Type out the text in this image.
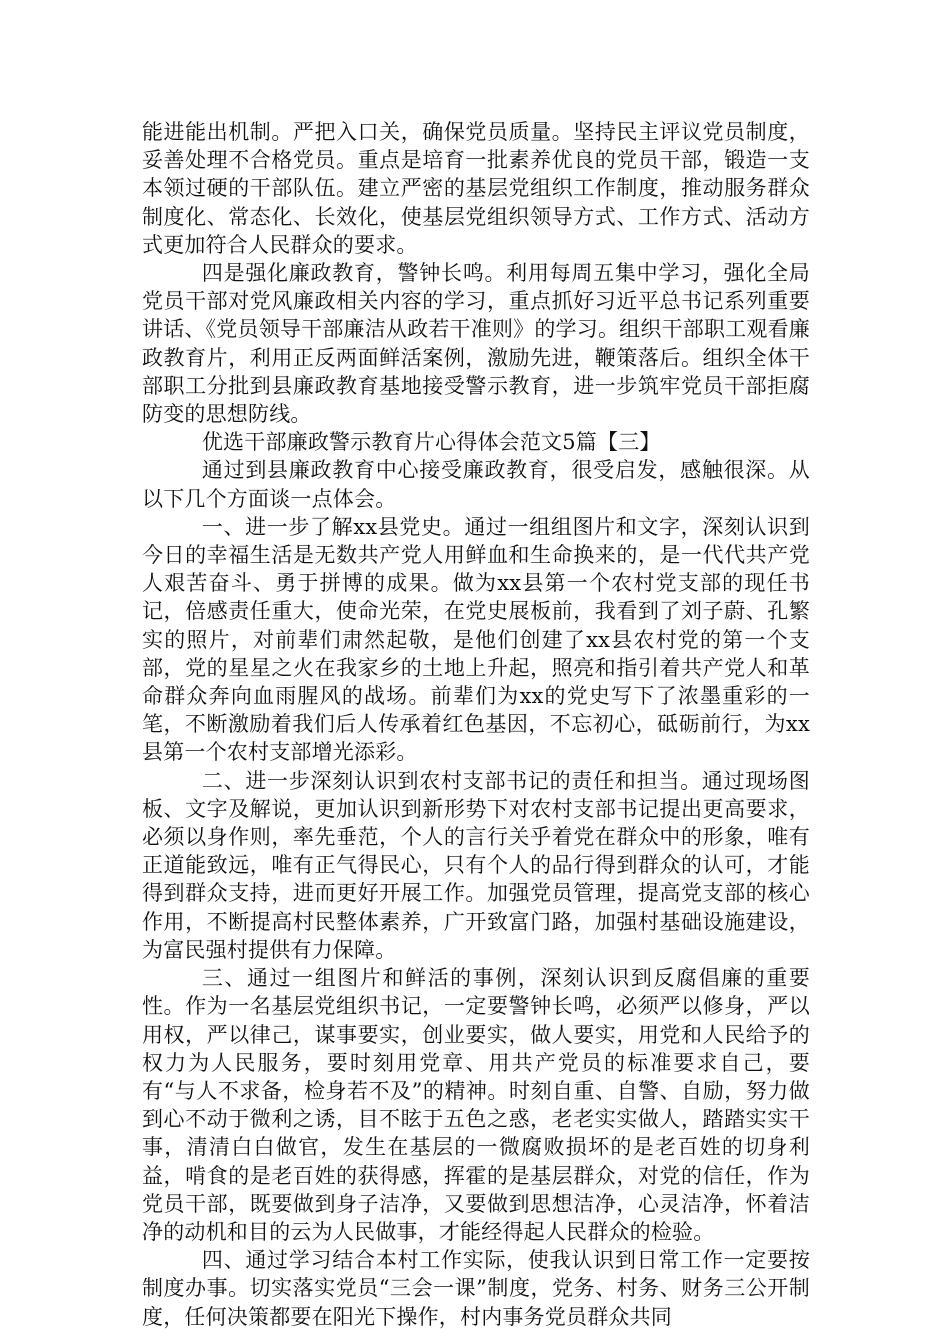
能进能出机制。严把入口关，确保党员质量。坚持民主评议党员制度，妥善处理不合格党员。重点是培育一批素养优良的党员干部，锻造一支本领过硬的干部队伍。建立严密的基层党组织工作制度，推动服务群众制度化、常态化、长效化，使基层党组织领导方式、工作方式、活动方式更加符合人民群众的要求。

四是强化廉政教育，警钟长鸣。利用每周五集中学习，强化全局党员干部对党风廉政相关内容的学习，重点抓好习近平总书记系列重要讲话、《党员领导干部廉洁从政若干准则》的学习。组织干部职工观看廉政教育片，利用正反两面鲜活案例，激励先进，鞭策落后。组织全体干部职工分批到县廉政教育基地接受警示教育，进一步筑牢党员干部拒腐防变的思想防线。

优选干部廉政警示教育片心得体会范文5篇【三】

通过到县廉政教育中心接受廉政教育，很受启发，感触很深。从以下几个方面谈一点体会。

一、进一步了解xx县党史。通过一组组图片和文字，深刻认识到今日的幸福生活是无数共产党人用鲜血和生命换来的，是一代代共产党人艰苦奋斗、勇于拼博的成果。做为xx县第一个农村党支部的现任书记，倍感责任重大，使命光荣，在党史展板前，我看到了刘子蔚、孔繁实的照片，对前辈们肃然起敬，是他们创建了xx县农村党的第一个支部，党的星星之火在我家乡的土地上升起，照亮和指引着共产党人和革命群众奔向血雨腥风的战场。前辈们为xx的党史写下了浓墨重彩的一笔，不断激励着我们后人传承着红色基因，不忘初心，砥砺前行，为xx县第一个农村支部增光添彩。

二、进一步深刻认识到农村支部书记的责任和担当。通过现场图板、文字及解说，更加认识到新形势下对农村支部书记提出更高要求，必须以身作则，率先垂范，个人的言行关乎着党在群众中的形象，唯有正道能致远，唯有正气得民心，只有个人的品行得到群众的认可，才能得到群众支持，进而更好开展工作。加强党员管理，提高党支部的核心作用，不断提高村民整体素养，广开致富门路，加强村基础设施建设，为富民强村提供有力保障。

三、通过一组图片和鲜活的事例，深刻认识到反腐倡廉的重要性。作为一名基层党组织书记，一定要警钟长鸣，必须严以修身，严以用权，严以律己，谋事要实，创业要实，做人要实，用党和人民给予的权力为人民服务，要时刻用党章、用共产党员的标准要求自己，要有“与人不求备，检身若不及”的精神。时刻自重、自警、自励，努力做到心不动于微利之诱，目不眩于五色之惑，老老实实做人，踏踏实实干事，清清白白做官，发生在基层的一微腐败损坏的是老百姓的切身利益，啃食的是老百姓的获得感，挥霍的是基层群众，对党的信任，作为党员干部，既要做到身子洁净，又要做到思想洁净，心灵洁净，怀着洁净的动机和目的云为人民做事，才能经得起人民群众的检验。

四、通过学习结合本村工作实际，使我认识到日常工作一定要按制度办事。切实落实党员“三会一课”制度，党务、村务、财务三公开制度，任何决策都要在阳光下操作，村内事务党员群众共同
